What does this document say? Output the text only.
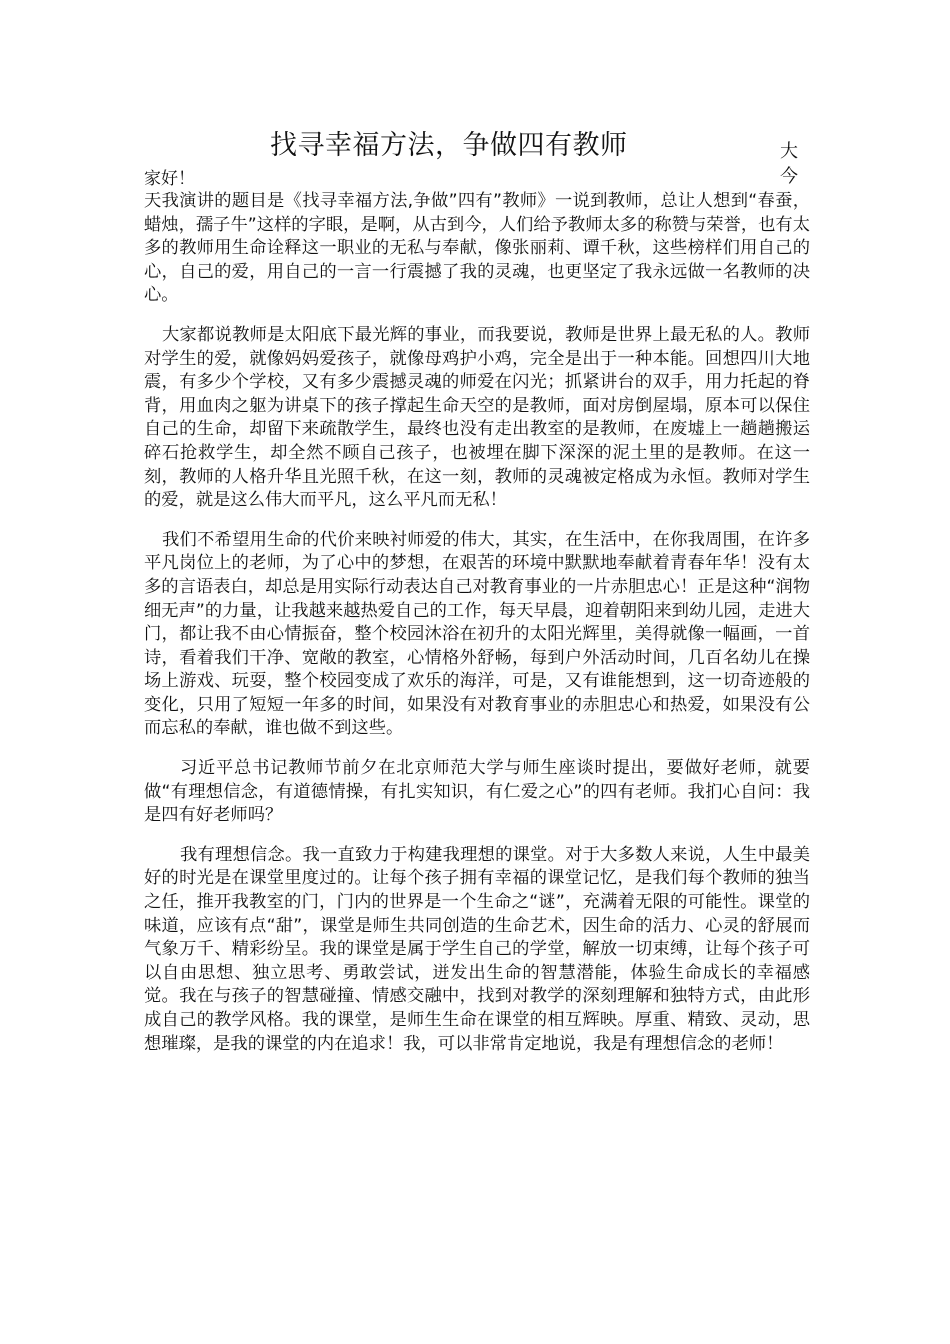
找寻幸福方法，争做四有教师	大
今
家好！

天我演讲的题目是《找寻幸福方法,争做”四有”教师》一说到教师，总让人想到“春蚕，蜡烛，孺子牛”这样的字眼，是啊，从古到今，人们给予教师太多的称赞与荣誉，也有太多的教师用生命诠释这一职业的无私与奉献，像张丽莉、谭千秋，这些榜样们用自己的心，自己的爱，用自己的一言一行震撼了我的灵魂，也更坚定了我永远做一名教师的决心。

大家都说教师是太阳底下最光辉的事业，而我要说，教师是世界上最无私的人。教师对学生的爱，就像妈妈爱孩子，就像母鸡护小鸡，完全是出于一种本能。回想四川大地震，有多少个学校，又有多少震撼灵魂的师爱在闪光；抓紧讲台的双手，用力托起的脊背，用血肉之躯为讲桌下的孩子撑起生命天空的是教师，面对房倒屋塌，原本可以保住自己的生命，却留下来疏散学生，最终也没有走出教室的是教师，在废墟上一趟趟搬运碎石抢救学生，却全然不顾自己孩子，也被埋在脚下深深的泥土里的是教师。在这一刻，教师的人格升华且光照千秋，在这一刻，教师的灵魂被定格成为永恒。教师对学生的爱，就是这么伟大而平凡，这么平凡而无私！

我们不希望用生命的代价来映衬师爱的伟大，其实，在生活中，在你我周围，在许多平凡岗位上的老师，为了心中的梦想，在艰苦的环境中默默地奉献着青春年华！没有太多的言语表白，却总是用实际行动表达自己对教育事业的一片赤胆忠心！正是这种“润物细无声”的力量，让我越来越热爱自己的工作，每天早晨，迎着朝阳来到幼儿园，走进大门，都让我不由心情振奋，整个校园沐浴在初升的太阳光辉里，美得就像一幅画，一首诗，看着我们干净、宽敞的教室，心情格外舒畅，每到户外活动时间，几百名幼儿在操场上游戏、玩耍，整个校园变成了欢乐的海洋，可是，又有谁能想到，这一切奇迹般的变化，只用了短短一年多的时间，如果没有对教育事业的赤胆忠心和热爱，如果没有公而忘私的奉献，谁也做不到这些。

习近平总书记教师节前夕在北京师范大学与师生座谈时提出，要做好老师，就要做“有理想信念，有道德情操，有扎实知识，有仁爱之心”的四有老师。我扪心自问：我是四有好老师吗？

我有理想信念。我一直致力于构建我理想的课堂。对于大多数人来说，人生中最美好的时光是在课堂里度过的。让每个孩子拥有幸福的课堂记忆，是我们每个教师的独当之任，推开我教室的门，门内的世界是一个生命之“谜”，充满着无限的可能性。课堂的味道，应该有点“甜”，课堂是师生共同创造的生命艺术，因生命的活力、心灵的舒展而气象万千、精彩纷呈。我的课堂是属于学生自己的学堂，解放一切束缚，让每个孩子可以自由思想、独立思考、勇敢尝试，迸发出生命的智慧潜能，体验生命成长的幸福感觉。我在与孩子的智慧碰撞、情感交融中，找到对教学的深刻理解和独特方式，由此形成自己的教学风格。我的课堂，是师生生命在课堂的相互辉映。厚重、精致、灵动，思想璀璨，是我的课堂的内在追求！我，可以非常肯定地说，我是有理想信念的老师！
